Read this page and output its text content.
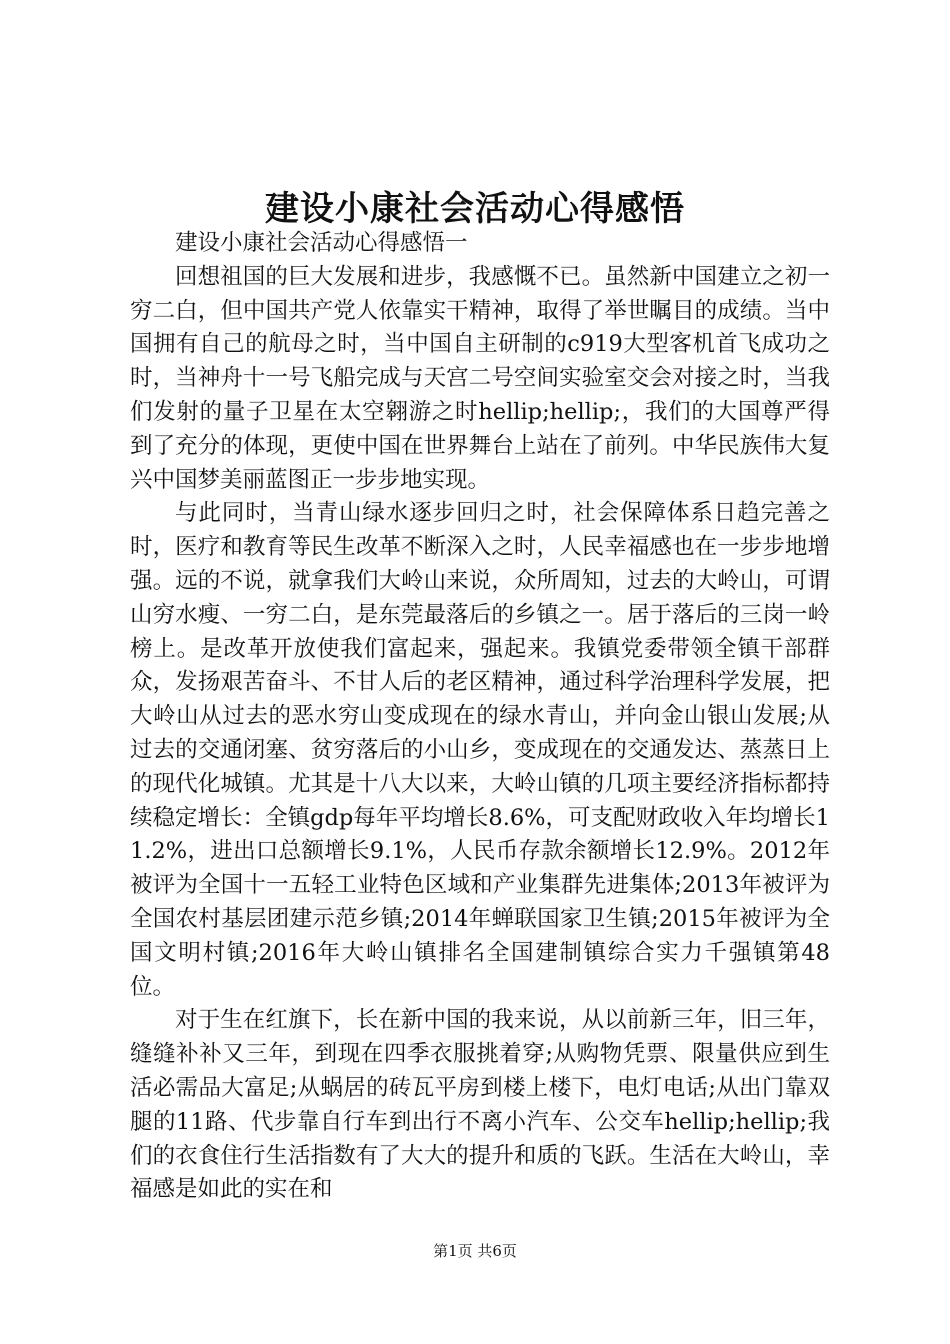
建设小康社会活动心得感悟

建设小康社会活动心得感悟一

回想祖国的巨大发展和进步，我感慨不已。虽然新中国建立之初一穷二白，但中国共产党人依靠实干精神，取得了举世瞩目的成绩。当中国拥有自己的航母之时，当中国自主研制的c919大型客机首飞成功之时，当神舟十一号飞船完成与天宫二号空间实验室交会对接之时，当我们发射的量子卫星在太空翱游之时hellip;hellip;，我们的大国尊严得到了充分的体现，更使中国在世界舞台上站在了前列。中华民族伟大复兴中国梦美丽蓝图正一步步地实现。

与此同时，当青山绿水逐步回归之时，社会保障体系日趋完善之时，医疗和教育等民生改革不断深入之时，人民幸福感也在一步步地增强。远的不说，就拿我们大岭山来说，众所周知，过去的大岭山，可谓山穷水瘦、一穷二白，是东莞最落后的乡镇之一。居于落后的三岗一岭榜上。是改革开放使我们富起来，强起来。我镇党委带领全镇干部群众，发扬艰苦奋斗、不甘人后的老区精神，通过科学治理科学发展，把大岭山从过去的恶水穷山变成现在的绿水青山，并向金山银山发展;从过去的交通闭塞、贫穷落后的小山乡，变成现在的交通发达、蒸蒸日上的现代化城镇。尤其是十八大以来，大岭山镇的几项主要经济指标都持续稳定增长：全镇gdp每年平均增长8.6%，可支配财政收入年均增长11.2%，进出口总额增长9.1%，人民币存款余额增长12.9%。2012年被评为全国十一五轻工业特色区域和产业集群先进集体;2013年被评为全国农村基层团建示范乡镇;2014年蝉联国家卫生镇;2015年被评为全国文明村镇;2016年大岭山镇排名全国建制镇综合实力千强镇第48位。

对于生在红旗下，长在新中国的我来说，从以前新三年，旧三年，缝缝补补又三年，到现在四季衣服挑着穿;从购物凭票、限量供应到生活必需品大富足;从蜗居的砖瓦平房到楼上楼下，电灯电话;从出门靠双腿的11路、代步靠自行车到出行不离小汽车、公交车hellip;hellip;我们的衣食住行生活指数有了大大的提升和质的飞跃。生活在大岭山，幸福感是如此的实在和

第1页 共6页
